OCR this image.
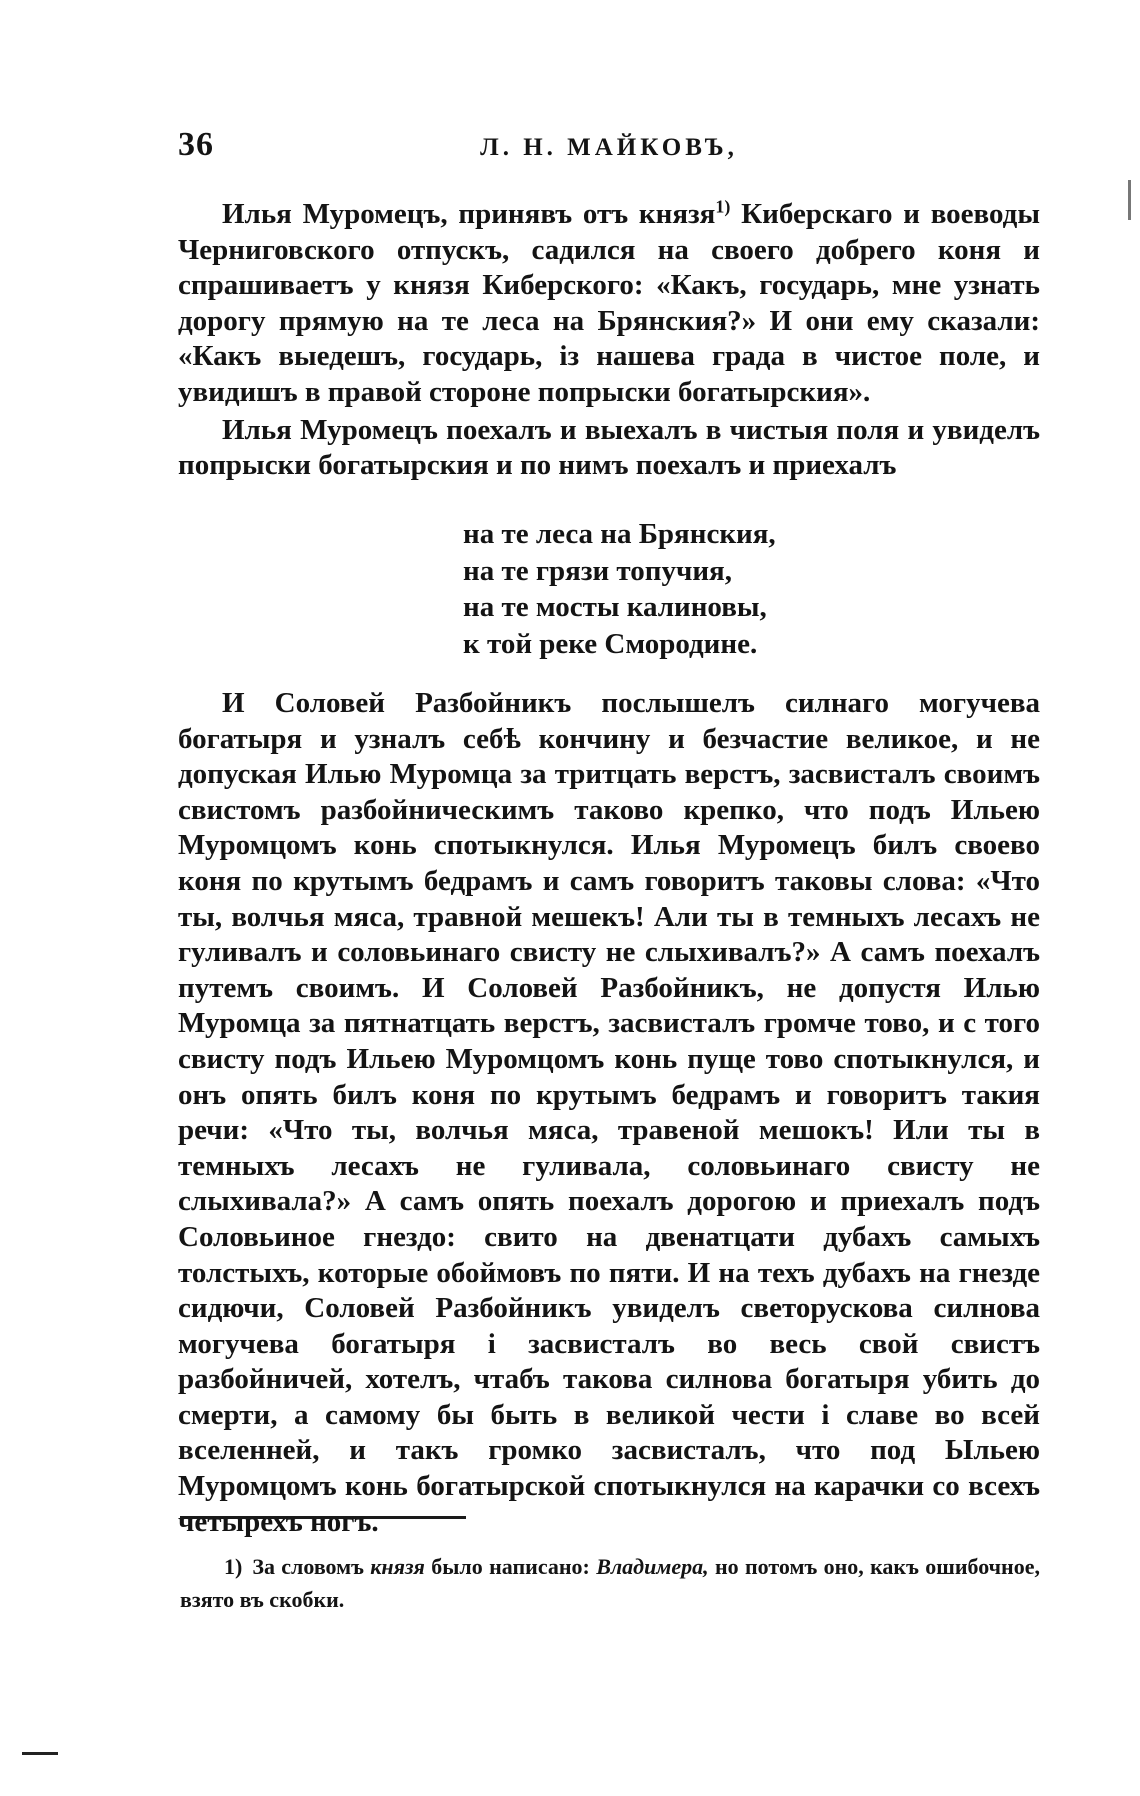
36	Л. Н. МАЙКОВЪ,

Илья Муромецъ, принявъ отъ князя$^{1)}$ Киберскаго и воеводы Черниговского отпускъ, садился на своего добрего коня и спрашиваетъ у князя Киберского: «Какъ, государь, мне узнать дорогу прямую на те леса на Брянския?» И они ему сказали: «Какъ выедешъ, государь, із нашева града в чистое поле, и увидишъ в правой стороне попрыски богатырския».

Илья Муромецъ поехалъ и выехалъ в чистыя поля и увиделъ попрыски богатырския и по нимъ поехалъ и приехалъ

на те леса на Брянския,
на те грязи топучия,
на те мосты калиновы,
к той реке Смородине.

И Соловей Разбойникъ послышелъ силнаго могучева богатыря и узналъ себѣ кончину и безчастие великое, и не допуская Илью Муромца за тритцать верстъ, засвисталъ своимъ свистомъ разбойническимъ таково крепко, что подъ Ильею Муромцомъ конь спотыкнулся. Илья Муромецъ билъ своево коня по крутымъ бедрамъ и самъ говоритъ таковы слова: «Что ты, волчья мяса, травной мешекъ! Али ты в темныхъ лесахъ не гуливалъ и соловьинаго свисту не слыхивалъ?» А самъ поехалъ путемъ своимъ. И Соловей Разбойникъ, не допустя Илью Муромца за пятнатцать верстъ, засвисталъ громче тово, и с того свисту подъ Ильею Муромцомъ конь пуще тово спотыкнулся, и онъ опять билъ коня по крутымъ бедрамъ и говоритъ такия речи: «Что ты, волчья мяса, травеной мешокъ! Или ты в темныхъ лесахъ не гуливала, соловьинаго свисту не слыхивала?» А самъ опять поехалъ дорогою и приехалъ подъ Соловьиное гнездо: свито на двенатцати дубахъ самыхъ толстыхъ, которые обоймовъ по пяти. И на техъ дубахъ на гнезде сидючи, Соловей Разбойникъ увиделъ светорускова силнова могучева богатыря і засвисталъ во весь свой свистъ разбойничей, хотелъ, чтабъ такова силнова богатыря убить до смерти, а самому бы быть в великой чести і славе во всей вселенней, и такъ громко засвисталъ, что под Ыльею Муромцомъ конь богатырской спотыкнулся на карачки со всехъ четырехъ ногъ.

1) За словомъ князя было написано: Владимера, но потомъ оно, какъ ошибочное, взято въ скобки.
